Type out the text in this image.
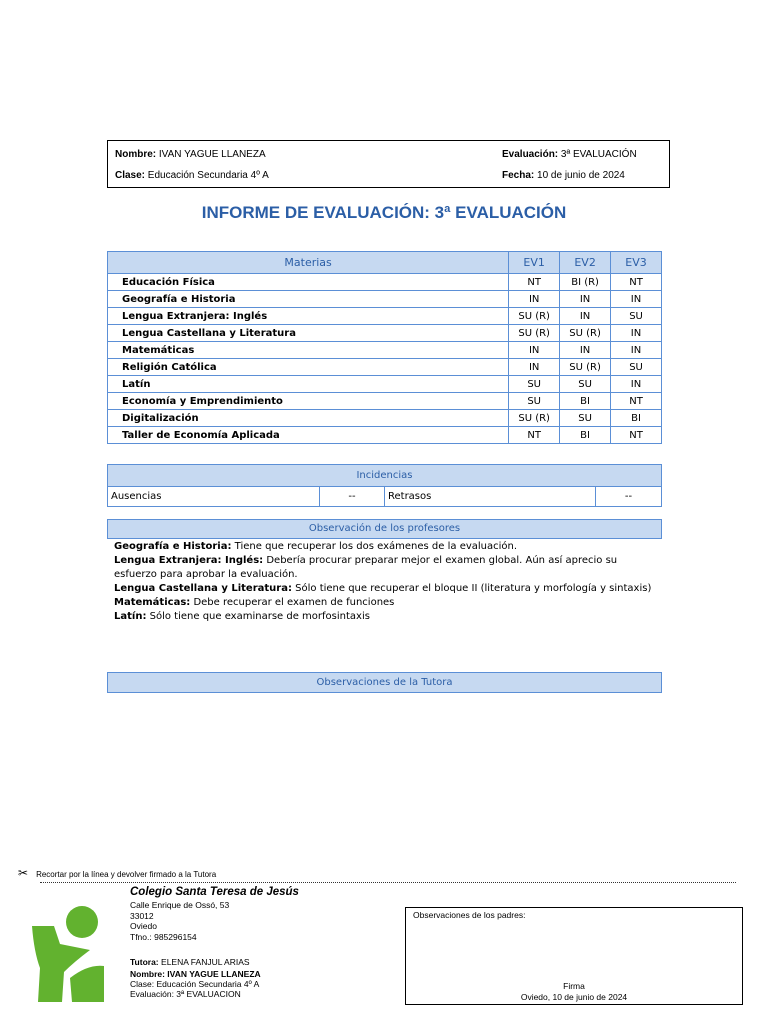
Nombre: IVAN YAGUE LLANEZA
Clase: Educación Secundaria 4º A
Evaluación: 3ª EVALUACIÓN
Fecha: 10 de junio de 2024
INFORME DE EVALUACIÓN: 3ª EVALUACIÓN
Materias	EV1	EV2	EV3
Educación Física	NT	BI (R)	NT
Geografía e Historia	IN	IN	IN
Lengua Extranjera: Inglés	SU (R)	IN	SU
Lengua Castellana y Literatura	SU (R)	SU (R)	IN
Matemáticas	IN	IN	IN
Religión Católica	IN	SU (R)	SU
Latín	SU	SU	IN
Economía y Emprendimiento	SU	BI	NT
Digitalización	SU (R)	SU	BI
Taller de Economía Aplicada	NT	BI	NT
Incidencias
Ausencias	--	Retrasos	--
Observación de los profesores

Geografía e Historia: Tiene que recuperar los dos exámenes de la evaluación.

Lengua Extranjera: Inglés: Debería procurar preparar mejor el examen global. Aún así aprecio su esfuerzo para aprobar la evaluación.

Lengua Castellana y Literatura: Sólo tiene que recuperar el bloque II (literatura y morfología y sintaxis)

Matemáticas: Debe recuperar el examen de funciones

Latín: Sólo tiene que examinarse de morfosintaxis

Observaciones de la Tutora
✂ Recortar por la línea y devolver firmado a la Tutora
Colegio Santa Teresa de Jesús
Calle Enrique de Ossó, 53
33012
Oviedo
Tfno.: 985296154
Tutora: ELENA FANJUL ARIAS
Nombre: IVAN YAGUE LLANEZA
Clase: Educación Secundaria 4º A
Evaluación: 3ª EVALUACION
Observaciones de los padres:
Firma
Oviedo, 10 de junio de 2024
